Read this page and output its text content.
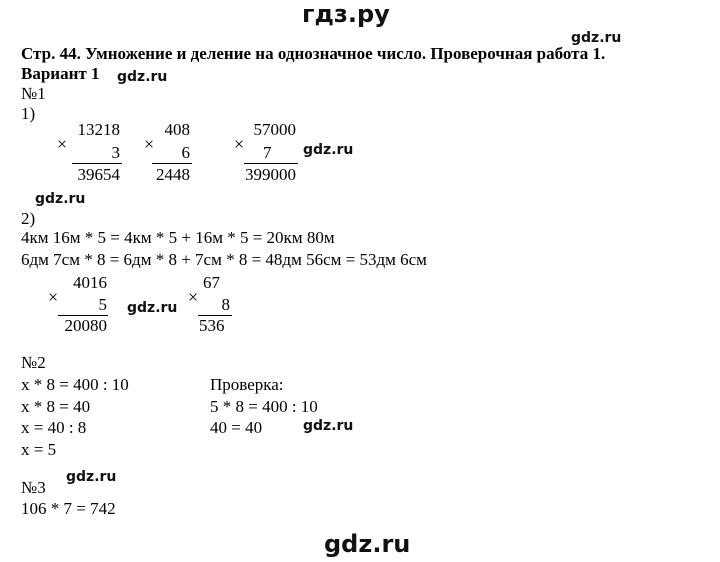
гдз.ру
Стр. 44. Умножение и деление на однозначное число. Проверочная работа 1.
Вариант 1
gdz.ru
gdz.ru
gdz.ru
gdz.ru
gdz.ru
gdz.ru
gdz.ru
№1
1)
×
13218
3
39654
×
408
6
2448
×
57000
7
399000
2)
4км 16м * 5 = 4км * 5 + 16м * 5 = 20км 80м
6дм 7см * 8 = 6дм * 8 + 7см * 8 = 48дм 56см = 53дм 6см
×
4016
5
20080
×
67
8
536
№2
x * 8 = 400 : 10
x * 8 = 40
x = 40 : 8
x = 5
Проверка:
5 * 8 = 400 : 10
40 = 40
№3
106 * 7 = 742
gdz.ru
